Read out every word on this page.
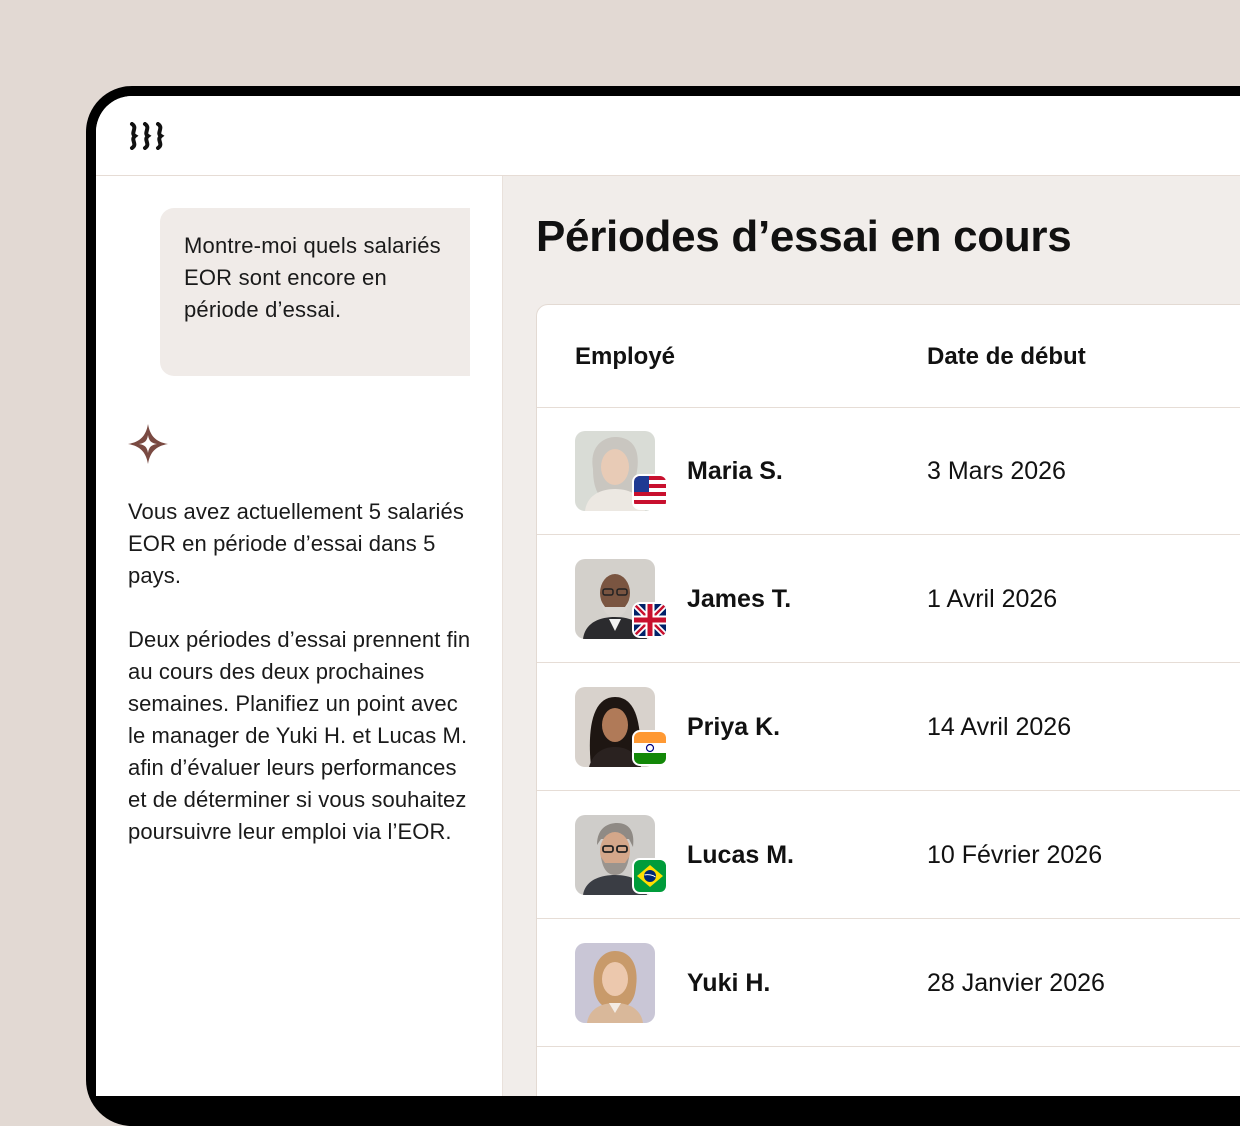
Montre-moi quels salariés EOR sont encore en période d’essai.

Vous avez actuellement 5 salariés EOR en période d’essai dans 5 pays.

Deux périodes d’essai prennent fin au cours des deux prochaines semaines. Planifiez un point avec le manager de Yuki H. et Lucas M. afin d’évaluer leurs performances et de déterminer si vous souhaitez poursuivre leur emploi via l’EOR.

Périodes d’essai en cours
Employé	Date de début
Maria S.	3 Mars 2026
James T.	1 Avril 2026
Priya K.	14 Avril 2026
Lucas M.	10 Février 2026
Yuki H.	28 Janvier 2026
